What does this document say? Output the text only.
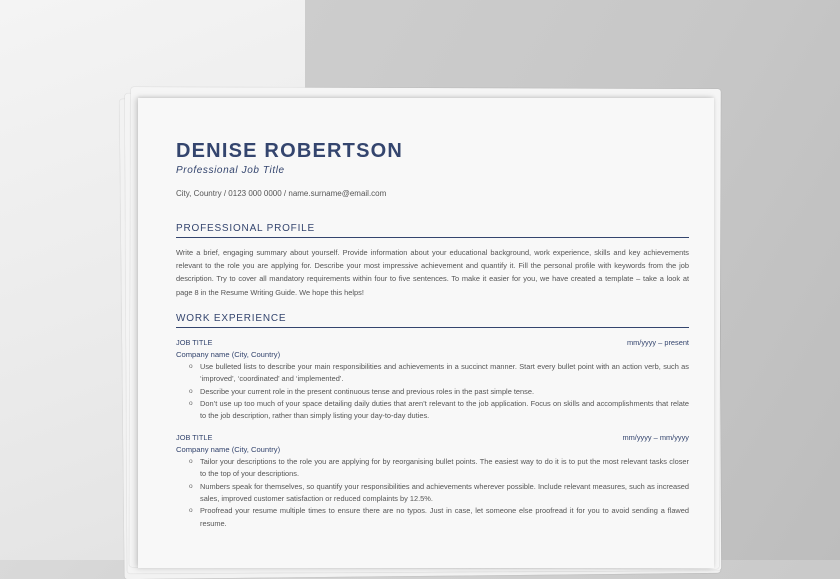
DENISE ROBERTSON
Professional Job Title
City, Country / 0123 000 0000 / name.surname@email.com
PROFESSIONAL PROFILE
Write a brief, engaging summary about yourself. Provide information about your educational background, work experience, skills and key achievements relevant to the role you are applying for. Describe your most impressive achievement and quantify it. Fill the personal profile with keywords from the job description. Try to cover all mandatory requirements within four to five sentences. To make it easier for you, we have created a template – take a look at page 8 in the Resume Writing Guide. We hope this helps!
WORK EXPERIENCE
JOB TITLE	mm/yyyy – present
Company name (City, Country)
o Use bulleted lists to describe your main responsibilities and achievements in a succinct manner. Start every bullet point with an action verb, such as ‘improved’, ‘coordinated’ and ‘implemented’.
o Describe your current role in the present continuous tense and previous roles in the past simple tense.
o Don’t use up too much of your space detailing daily duties that aren’t relevant to the job application. Focus on skills and accomplishments that relate to the job description, rather than simply listing your day-to-day duties.
JOB TITLE	mm/yyyy – mm/yyyy
Company name (City, Country)
o Tailor your descriptions to the role you are applying for by reorganising bullet points. The easiest way to do it is to put the most relevant tasks closer to the top of your descriptions.
o Numbers speak for themselves, so quantify your responsibilities and achievements wherever possible. Include relevant measures, such as increased sales, improved customer satisfaction or reduced complaints by 12.5%.
o Proofread your resume multiple times to ensure there are no typos. Just in case, let someone else proofread it for you to avoid sending a flawed resume.
